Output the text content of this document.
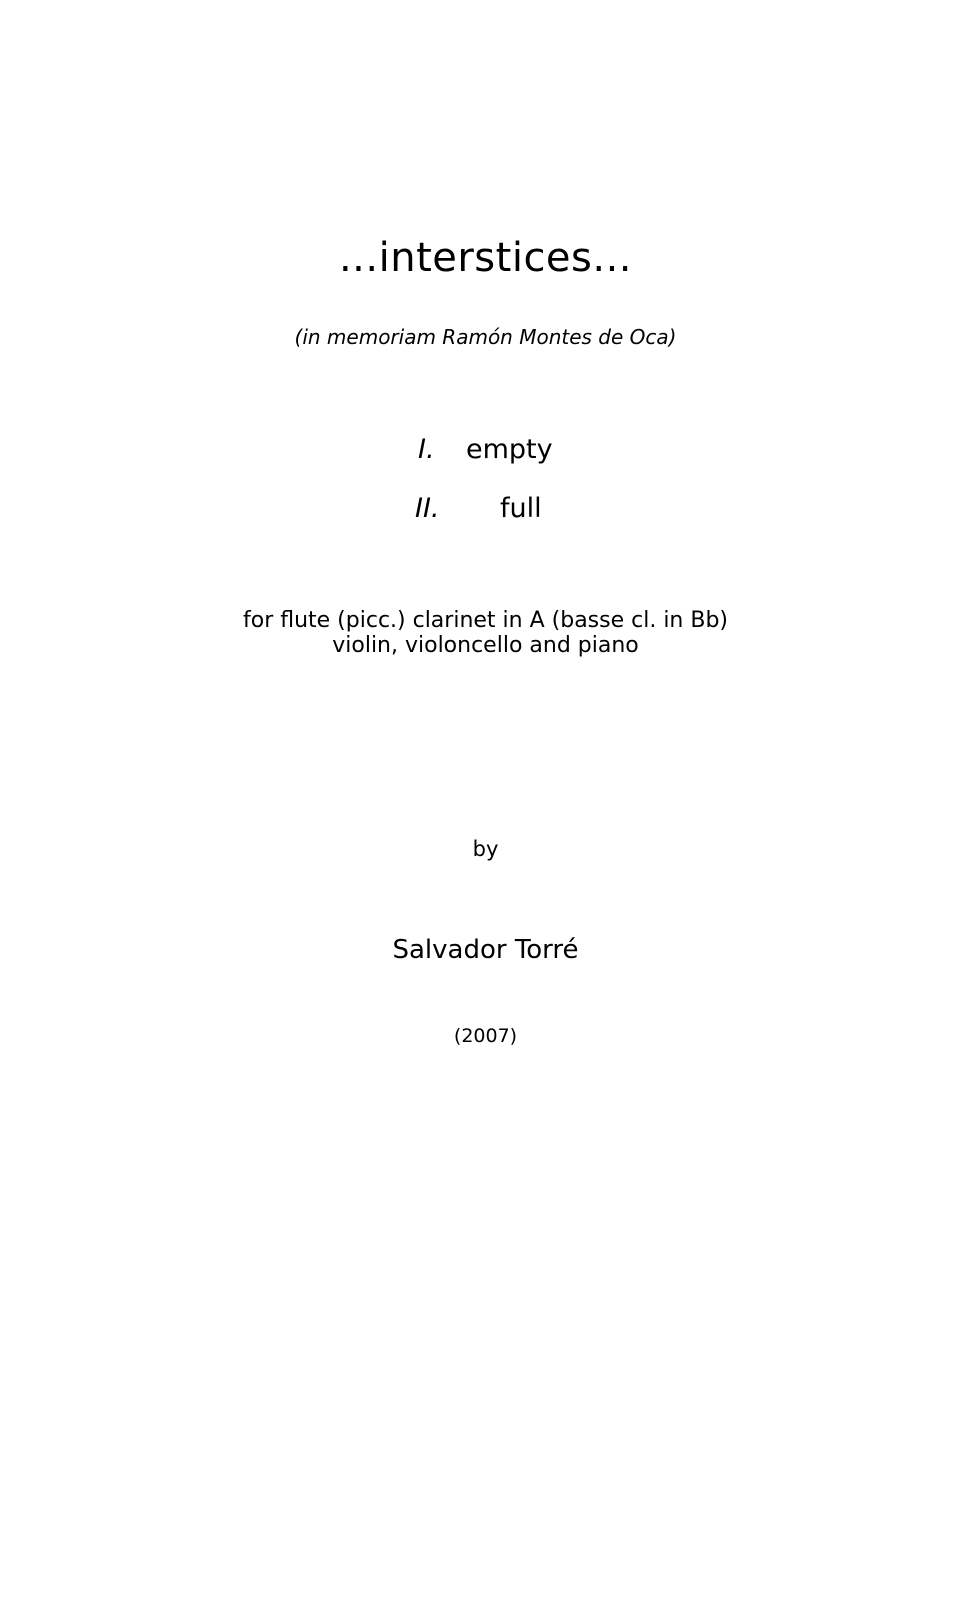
...interstices...
(in memoriam Ramón Montes de Oca)
I. empty
II. full
for flute (picc.) clarinet in A (basse cl. in Bb)
violin, violoncello and piano
by
Salvador Torré
(2007)
